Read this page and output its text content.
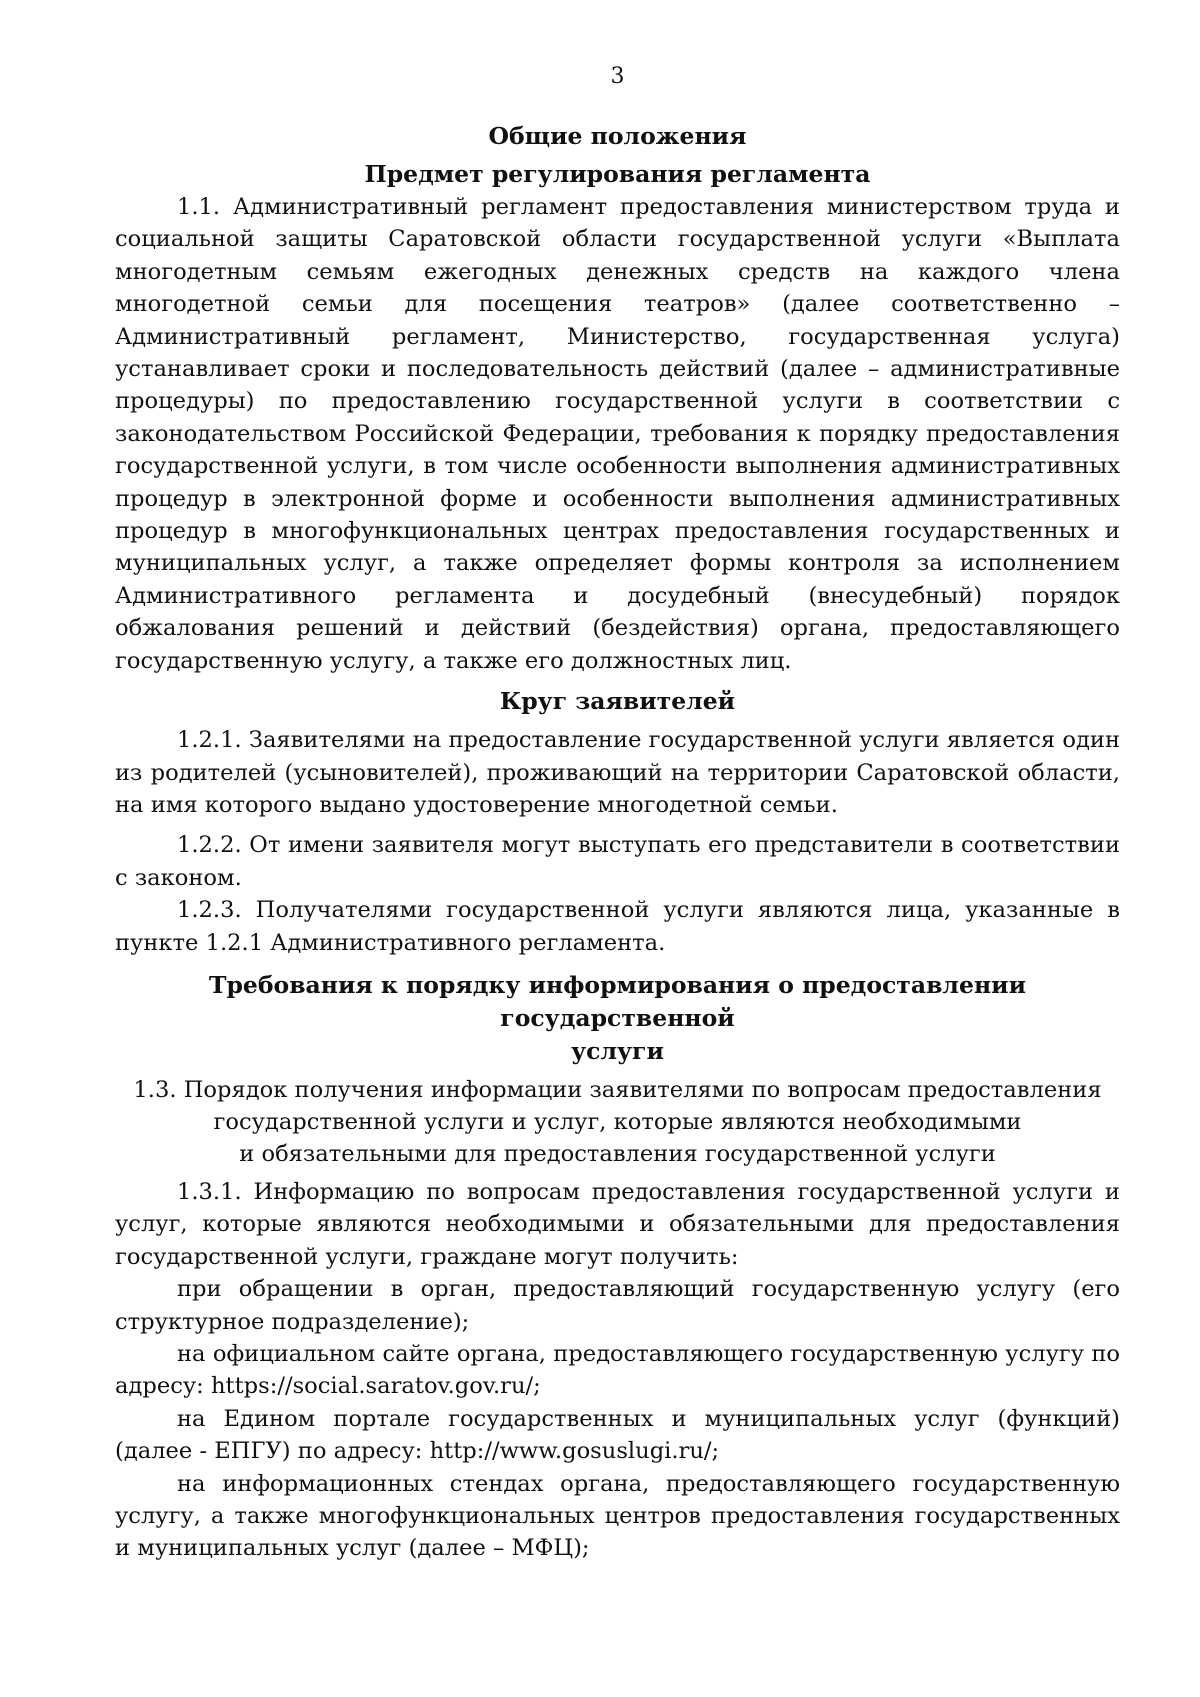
3
Общие положения
Предмет регулирования регламента

1.1. Административный регламент предоставления министерством труда и социальной защиты Саратовской области государственной услуги «Выплата многодетным семьям ежегодных денежных средств на каждого члена многодетной семьи для посещения театров» (далее соответственно – Административный регламент, Министерство, государственная услуга) устанавливает сроки и последовательность действий (далее – административные процедуры) по предоставлению государственной услуги в соответствии с законодательством Российской Федерации, требования к порядку предоставления государственной услуги, в том числе особенности выполнения административных процедур в электронной форме и особенности выполнения административных процедур в многофункциональных центрах предоставления государственных и муниципальных услуг, а также определяет формы контроля за исполнением Административного регламента и досудебный (внесудебный) порядок обжалования решений и действий (бездействия) органа, предоставляющего государственную услугу, а также его должностных лиц.

Круг заявителей

1.2.1. Заявителями на предоставление государственной услуги является один из родителей (усыновителей), проживающий на территории Саратовской области, на имя которого выдано удостоверение многодетной семьи.

1.2.2. От имени заявителя могут выступать его представители в соответствии с законом.

1.2.3. Получателями государственной услуги являются лица, указанные в пункте 1.2.1 Административного регламента.

Требования к порядку информирования о предоставлении государственной
услуги

1.3. Порядок получения информации заявителями по вопросам предоставления
государственной услуги и услуг, которые являются необходимыми
и обязательными для предоставления государственной услуги

1.3.1. Информацию по вопросам предоставления государственной услуги и услуг, которые являются необходимыми и обязательными для предоставления государственной услуги, граждане могут получить:

при обращении в орган, предоставляющий государственную услугу (его структурное подразделение);

на официальном сайте органа, предоставляющего государственную услугу по адресу: https://social.saratov.gov.ru/;

на Едином портале государственных и муниципальных услуг (функций) (далее - ЕПГУ) по адресу: http://www.gosuslugi.ru/;

на информационных стендах органа, предоставляющего государственную услугу, а также многофункциональных центров предоставления государственных и муниципальных услуг (далее – МФЦ);
